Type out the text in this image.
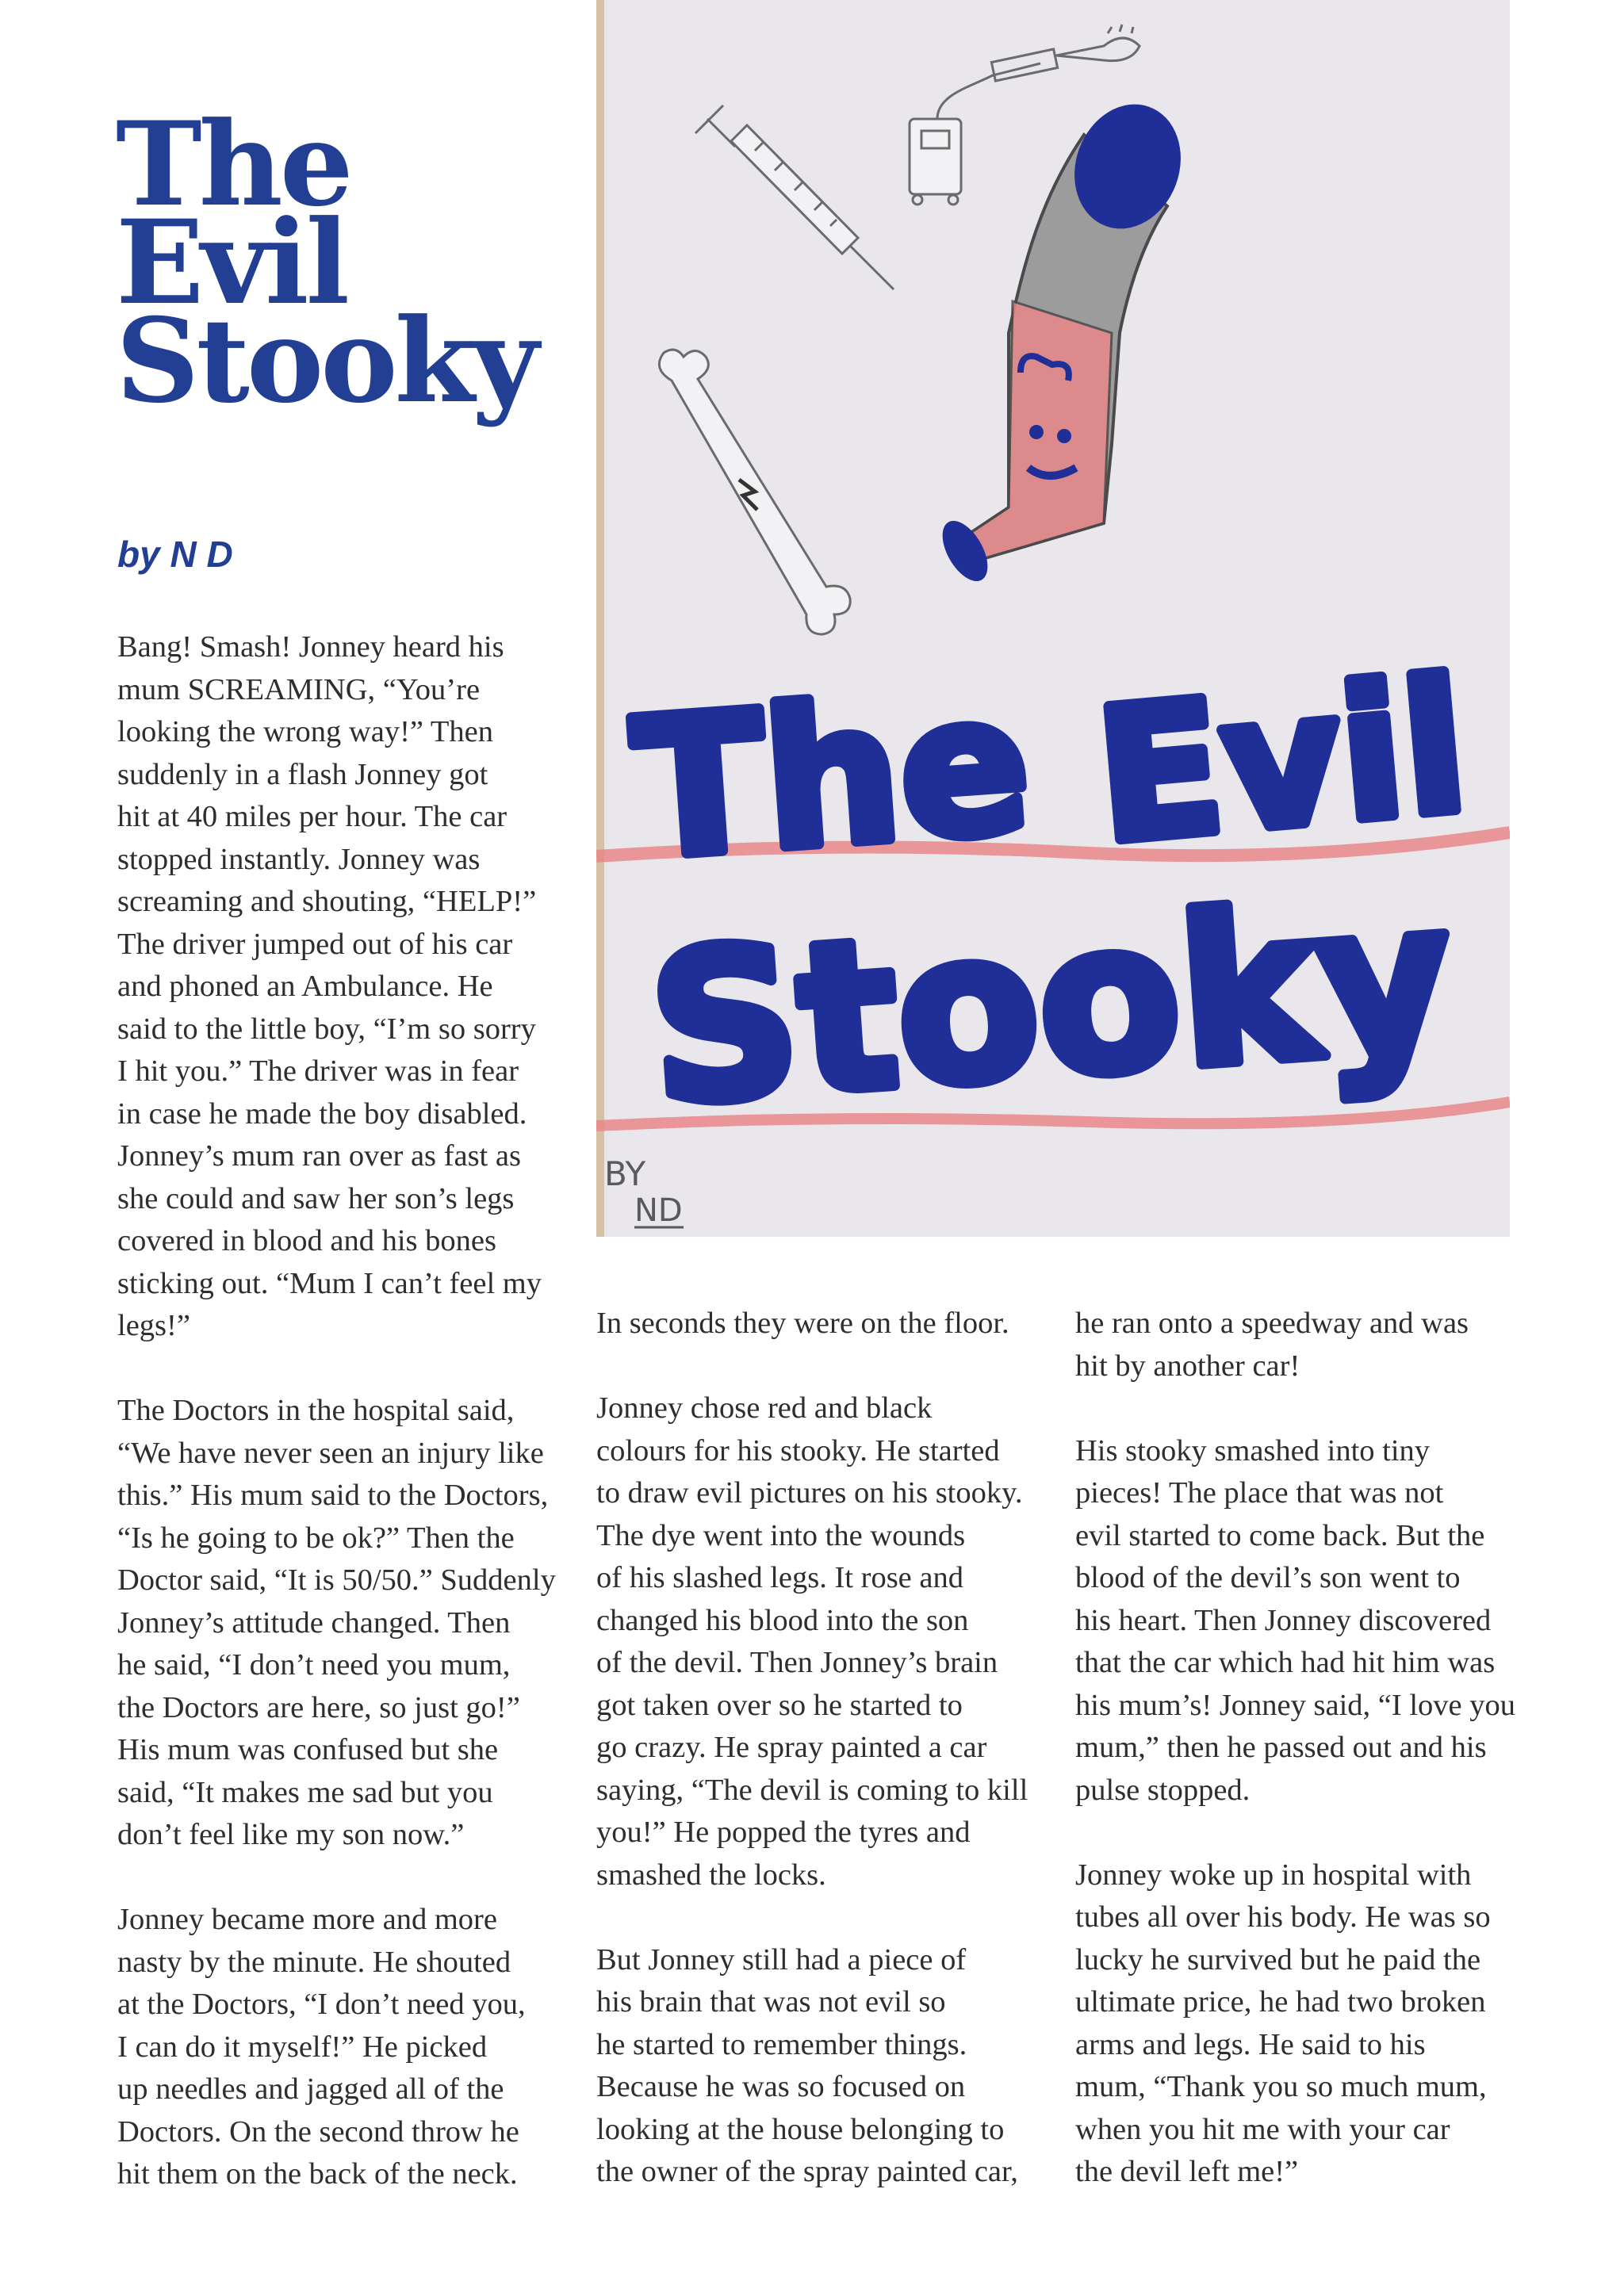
The
Evil
Stooky

by N D

Bang! Smash! Jonney heard his
mum SCREAMING, “You’re
looking the wrong way!” Then
suddenly in a flash Jonney got
hit at 40 miles per hour. The car
stopped instantly. Jonney was
screaming and shouting, “HELP!”
The driver jumped out of his car
and phoned an Ambulance. He
said to the little boy, “I’m so sorry
I hit you.” The driver was in fear
in case he made the boy disabled.
Jonney’s mum ran over as fast as
she could and saw her son’s legs
covered in blood and his bones
sticking out. “Mum I can’t feel my
legs!”

The Doctors in the hospital said,
“We have never seen an injury like
this.” His mum said to the Doctors,
“Is he going to be ok?” Then the
Doctor said, “It is 50/50.” Suddenly
Jonney’s attitude changed. Then
he said, “I don’t need you mum,
the Doctors are here, so just go!”
His mum was confused but she
said, “It makes me sad but you
don’t feel like my son now.”

Jonney became more and more
nasty by the minute. He shouted
at the Doctors, “I don’t need you,
I can do it myself!” He picked
up needles and jagged all of the
Doctors. On the second throw he
hit them on the back of the neck.

The Evil
Stooky
BY
ND

In seconds they were on the floor.

Jonney chose red and black
colours for his stooky. He started
to draw evil pictures on his stooky.
The dye went into the wounds
of his slashed legs. It rose and
changed his blood into the son
of the devil. Then Jonney’s brain
got taken over so he started to
go crazy. He spray painted a car
saying, “The devil is coming to kill
you!” He popped the tyres and
smashed the locks.

But Jonney still had a piece of
his brain that was not evil so
he started to remember things.
Because he was so focused on
looking at the house belonging to
the owner of the spray painted car,

he ran onto a speedway and was
hit by another car!

His stooky smashed into tiny
pieces! The place that was not
evil started to come back. But the
blood of the devil’s son went to
his heart. Then Jonney discovered
that the car which had hit him was
his mum’s! Jonney said, “I love you
mum,” then he passed out and his
pulse stopped.

Jonney woke up in hospital with
tubes all over his body. He was so
lucky he survived but he paid the
ultimate price, he had two broken
arms and legs. He said to his
mum, “Thank you so much mum,
when you hit me with your car
the devil left me!”
